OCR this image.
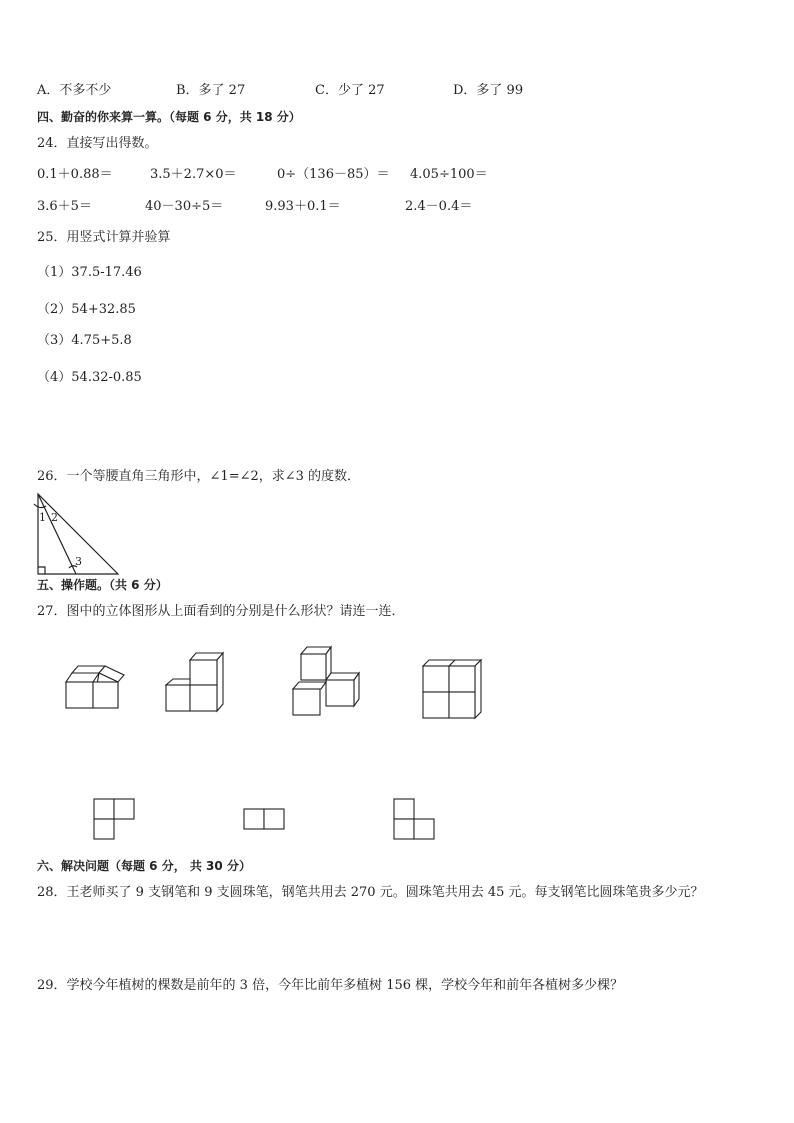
A．不多不少	B．多了 27	C．少了 27	D．多了 99
四、勤奋的你来算一算。（每题 6 分，共 18 分）
24．直接写出得数。
0.1＋0.88＝	3.5＋2.7×0＝	0÷（136－85）＝ 4.05÷100＝
3.6＋5＝	40－30÷5＝	9.93＋0.1＝	2.4－0.4＝
25．用竖式计算并验算
（1）37.5-17.46
（2）54+32.85
（3）4.75+5.8
（4）54.32-0.85
26．一个等腰直角三角形中，∠1=∠2，求∠3 的度数．
1 2
3
五、操作题。（共 6 分）
27．图中的立体图形从上面看到的分别是什么形状？请连一连．
六、解决问题（每题 6 分， 共 30 分）
28．王老师买了 9 支钢笔和 9 支圆珠笔，钢笔共用去 270 元。圆珠笔共用去 45 元。每支钢笔比圆珠笔贵多少元？
29．学校今年植树的棵数是前年的 3 倍，今年比前年多植树 156 棵，学校今年和前年各植树多少棵？
